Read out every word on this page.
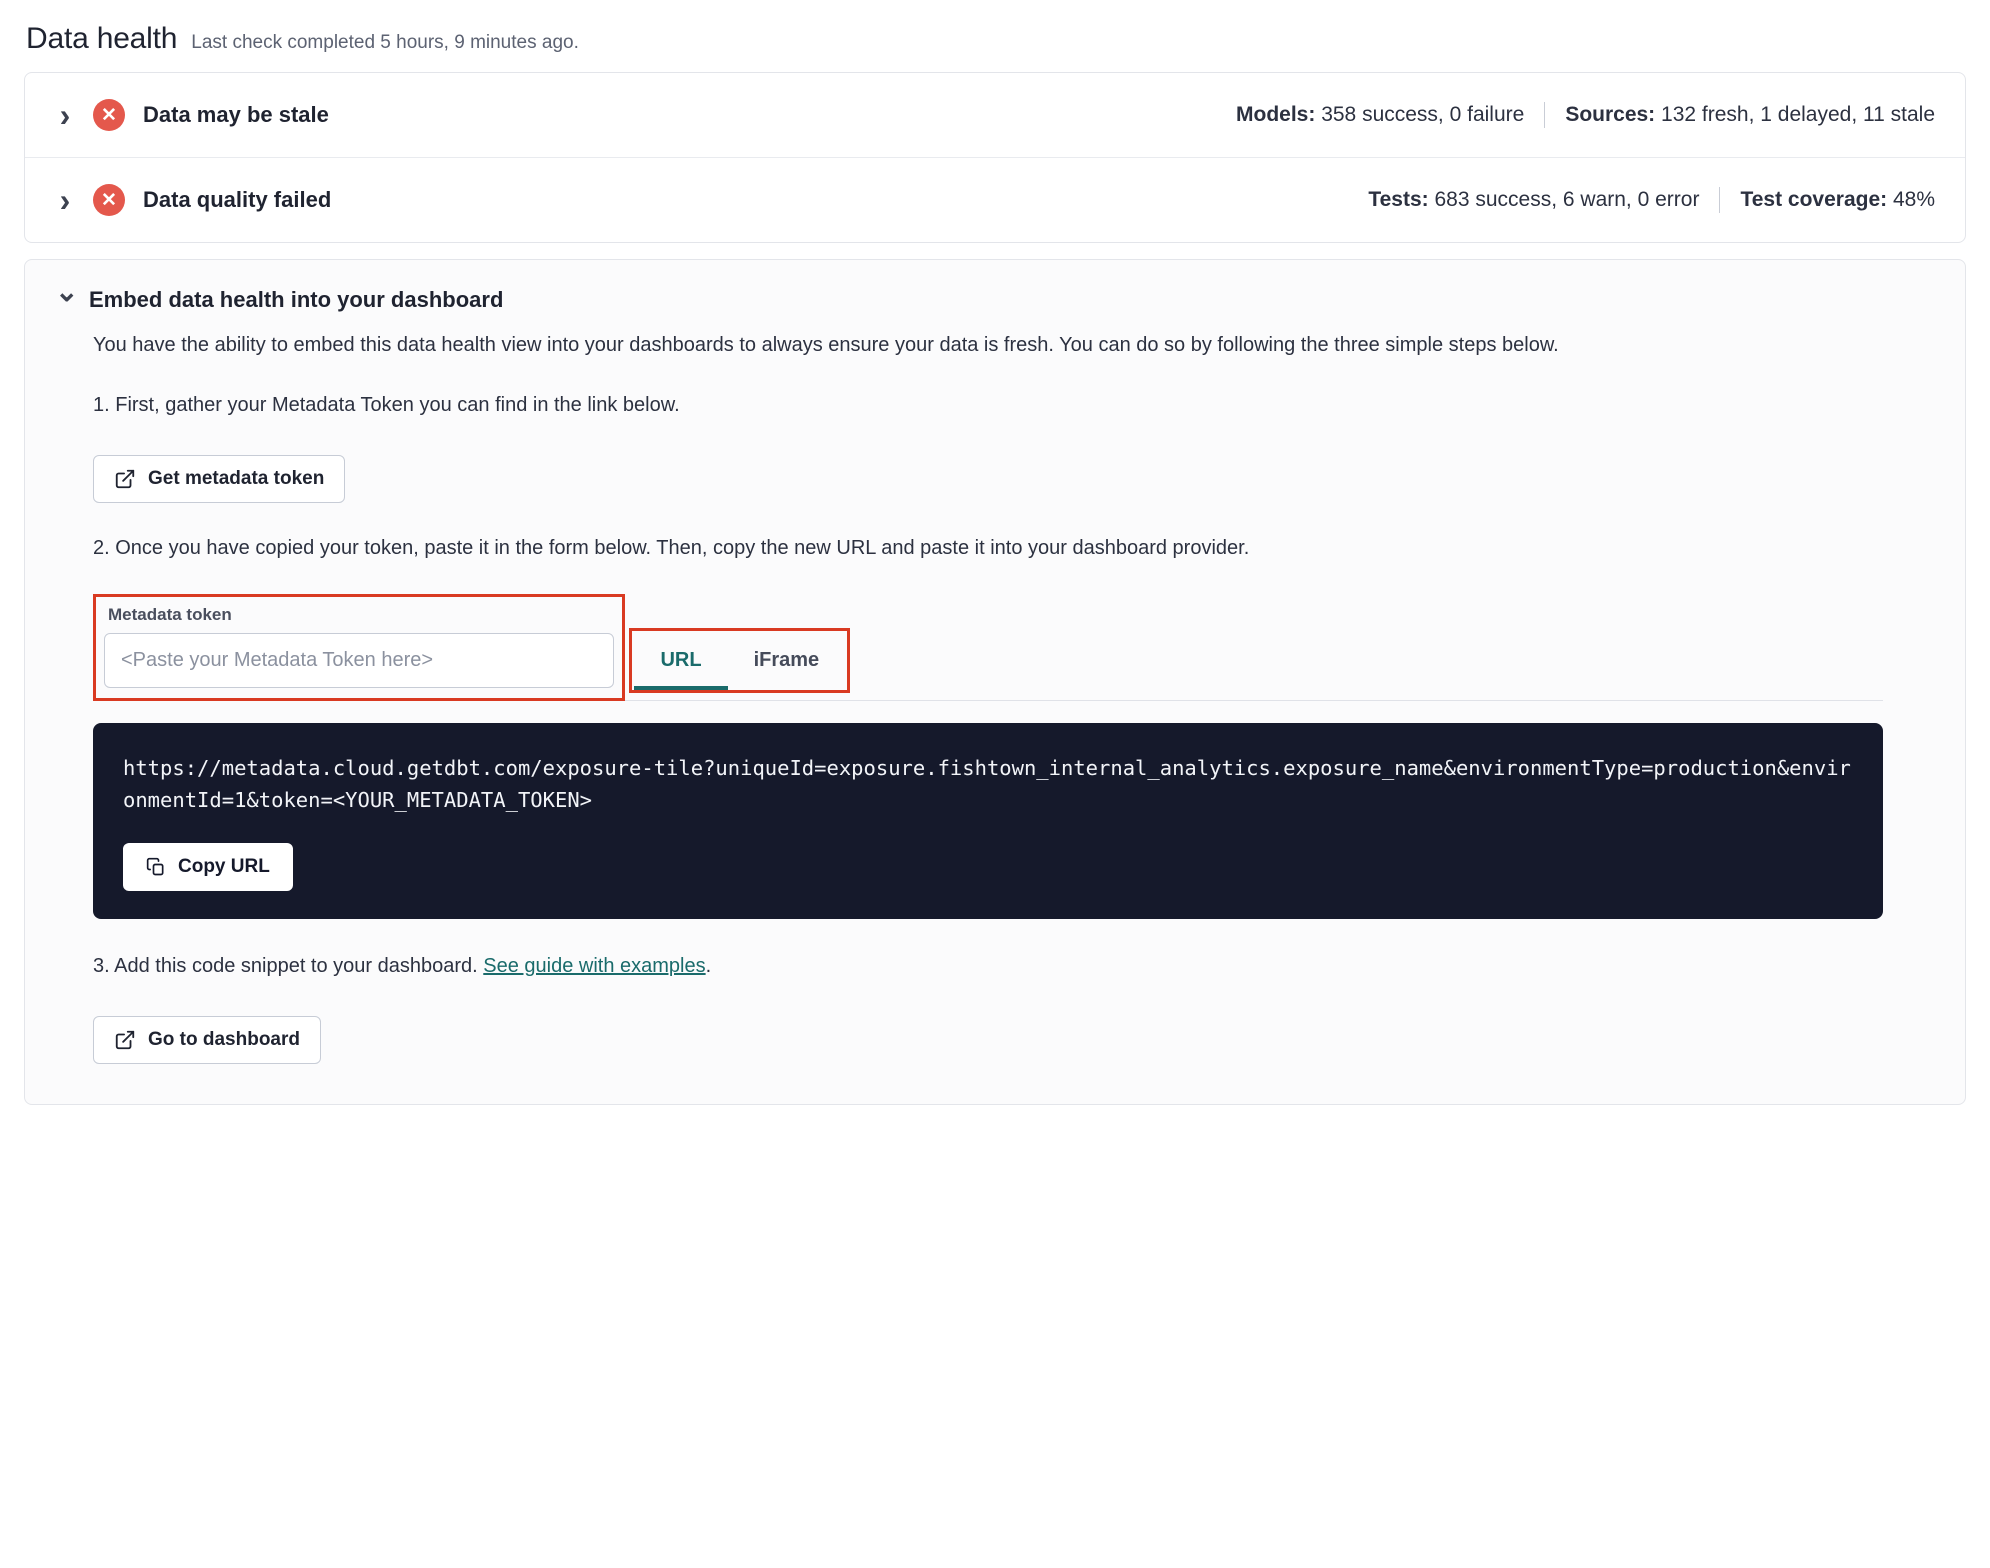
Data health Last check completed 5 hours, 9 minutes ago.
›
✕	Data may be stale	Models: 358 success, 0 failure Sources: 132 fresh, 1 delayed, 11 stale
›
✕	Data quality failed	Tests: 683 success, 6 warn, 0 error Test coverage: 48%
⌄
Embed data health into your dashboard

You have the ability to embed this data health view into your dashboards to always ensure your data is fresh. You can do so by following the three simple steps below.

1. First, gather your Metadata Token you can find in the link below.

Get metadata token

2. Once you have copied your token, paste it in the form below. Then, copy the new URL and paste it into your dashboard provider.

Metadata token
<Paste your Metadata Token here>
URL	iFrame
https://metadata.cloud.getdbt.com/exposure-tile?uniqueId=exposure.fishtown_internal_analytics.exposure_name&environmentType=production&environmentId=1&token=<YOUR_METADATA_TOKEN>
Copy URL

3. Add this code snippet to your dashboard. See guide with examples.

Go to dashboard
